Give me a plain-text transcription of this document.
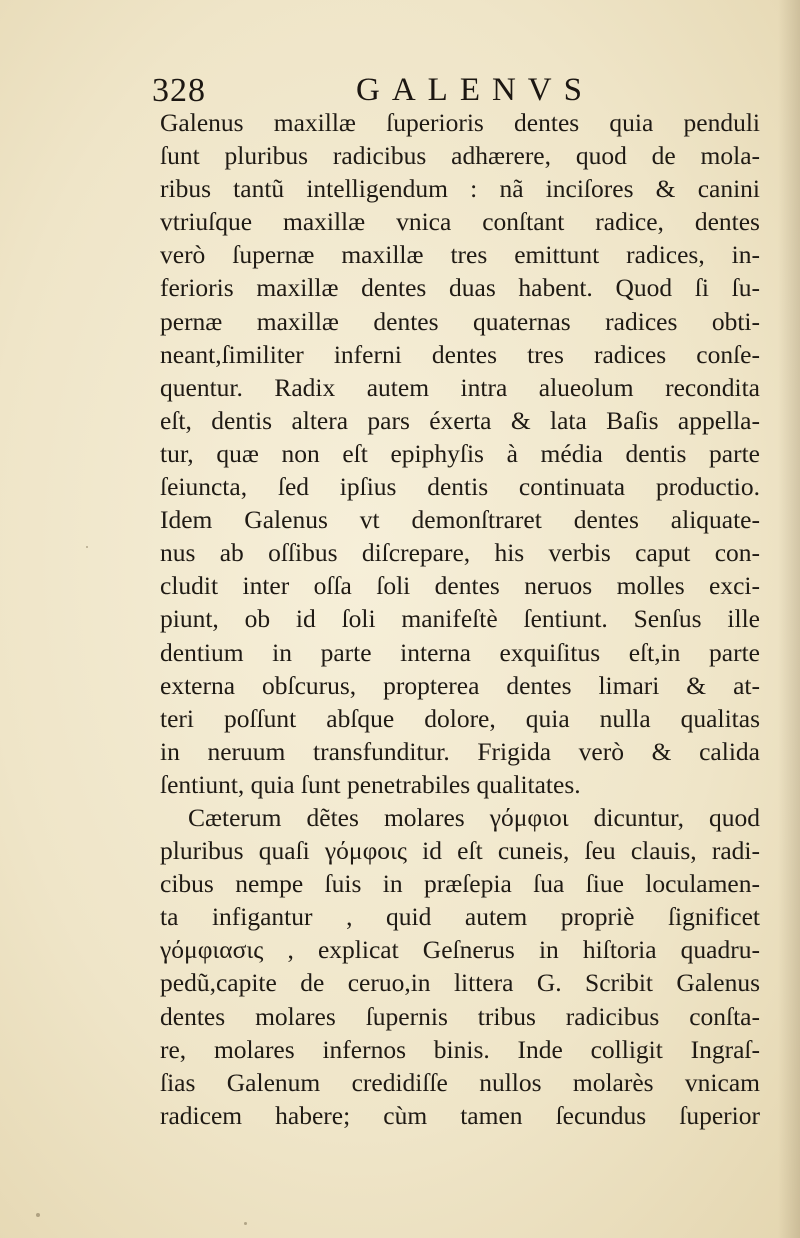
328	GALENVS
Galenus maxillæ ſuperioris dentes quia penduli
ſunt pluribus radicibus adhærere, quod de mola-
ribus tantũ intelligendum : nã inciſores & canini
vtriuſque maxillæ vnica conſtant radice, dentes
verò ſupernæ maxillæ tres emittunt radices, in-
ferioris maxillæ dentes duas habent. Quod ſi ſu-
pernæ maxillæ dentes quaternas radices obti-
neant,ſimiliter inferni dentes tres radices conſe-
quentur. Radix autem intra alueolum recondita
eſt, dentis altera pars éxerta & lata Baſis appella-
tur, quæ non eſt epiphyſis à média dentis parte
ſeiuncta, ſed ipſius dentis continuata productio.
Idem Galenus vt demonſtraret dentes aliquate-
nus ab oſſibus diſcrepare, his verbis caput con-
cludit inter oſſa ſoli dentes neruos molles exci-
piunt, ob id ſoli manifeſtè ſentiunt. Senſus ille
dentium in parte interna exquiſitus eſt,in parte
externa obſcurus, propterea dentes limari & at-
teri poſſunt abſque dolore, quia nulla qualitas
in neruum transfunditur. Frigida verò & calida
ſentiunt, quia ſunt penetrabiles qualitates.
Cæterum dẽtes molares γόμφιοι dicuntur, quod
pluribus quaſi γόμφοις id eſt cuneis, ſeu clauis, radi-
cibus nempe ſuis in præſepia ſua ſiue loculamen-
ta infigantur , quid autem propriè ſignificet
γόμφιασις , explicat Geſnerus in hiſtoria quadru-
pedũ,capite de ceruo,in littera G. Scribit Galenus
dentes molares ſupernis tribus radicibus conſta-
re, molares infernos binis. Inde colligit Ingraſ-
ſias Galenum credidiſſe nullos molarès vnicam
radicem habere; cùm tamen ſecundus ſuperior
